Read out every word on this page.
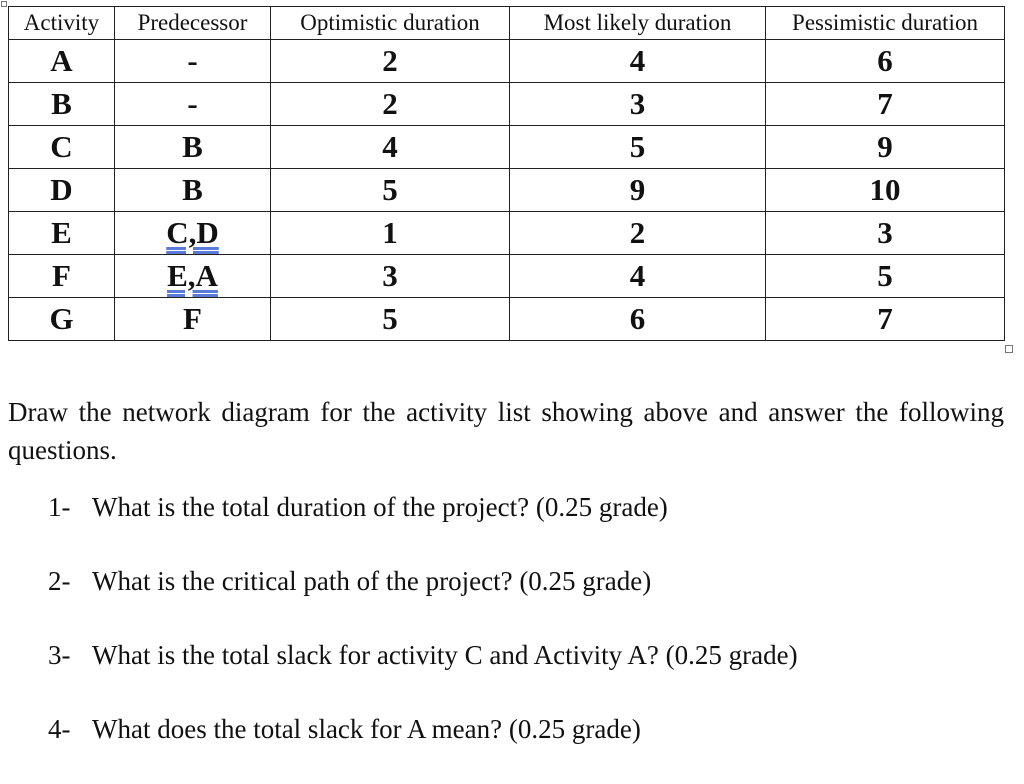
Activity	Predecessor	Optimistic duration	Most likely duration	Pessimistic duration
A	-	2	4	6
B	-	2	3	7
C	B	4	5	9
D	B	5	9	10
E	C,D	1	2	3
F	E,A	3	4	5
G	F	5	6	7

Draw the network diagram for the activity list showing above and answer the following questions.

1- What is the total duration of the project? (0.25 grade)
2- What is the critical path of the project? (0.25 grade)
3- What is the total slack for activity C and Activity A? (0.25 grade)
4- What does the total slack for A mean? (0.25 grade)
